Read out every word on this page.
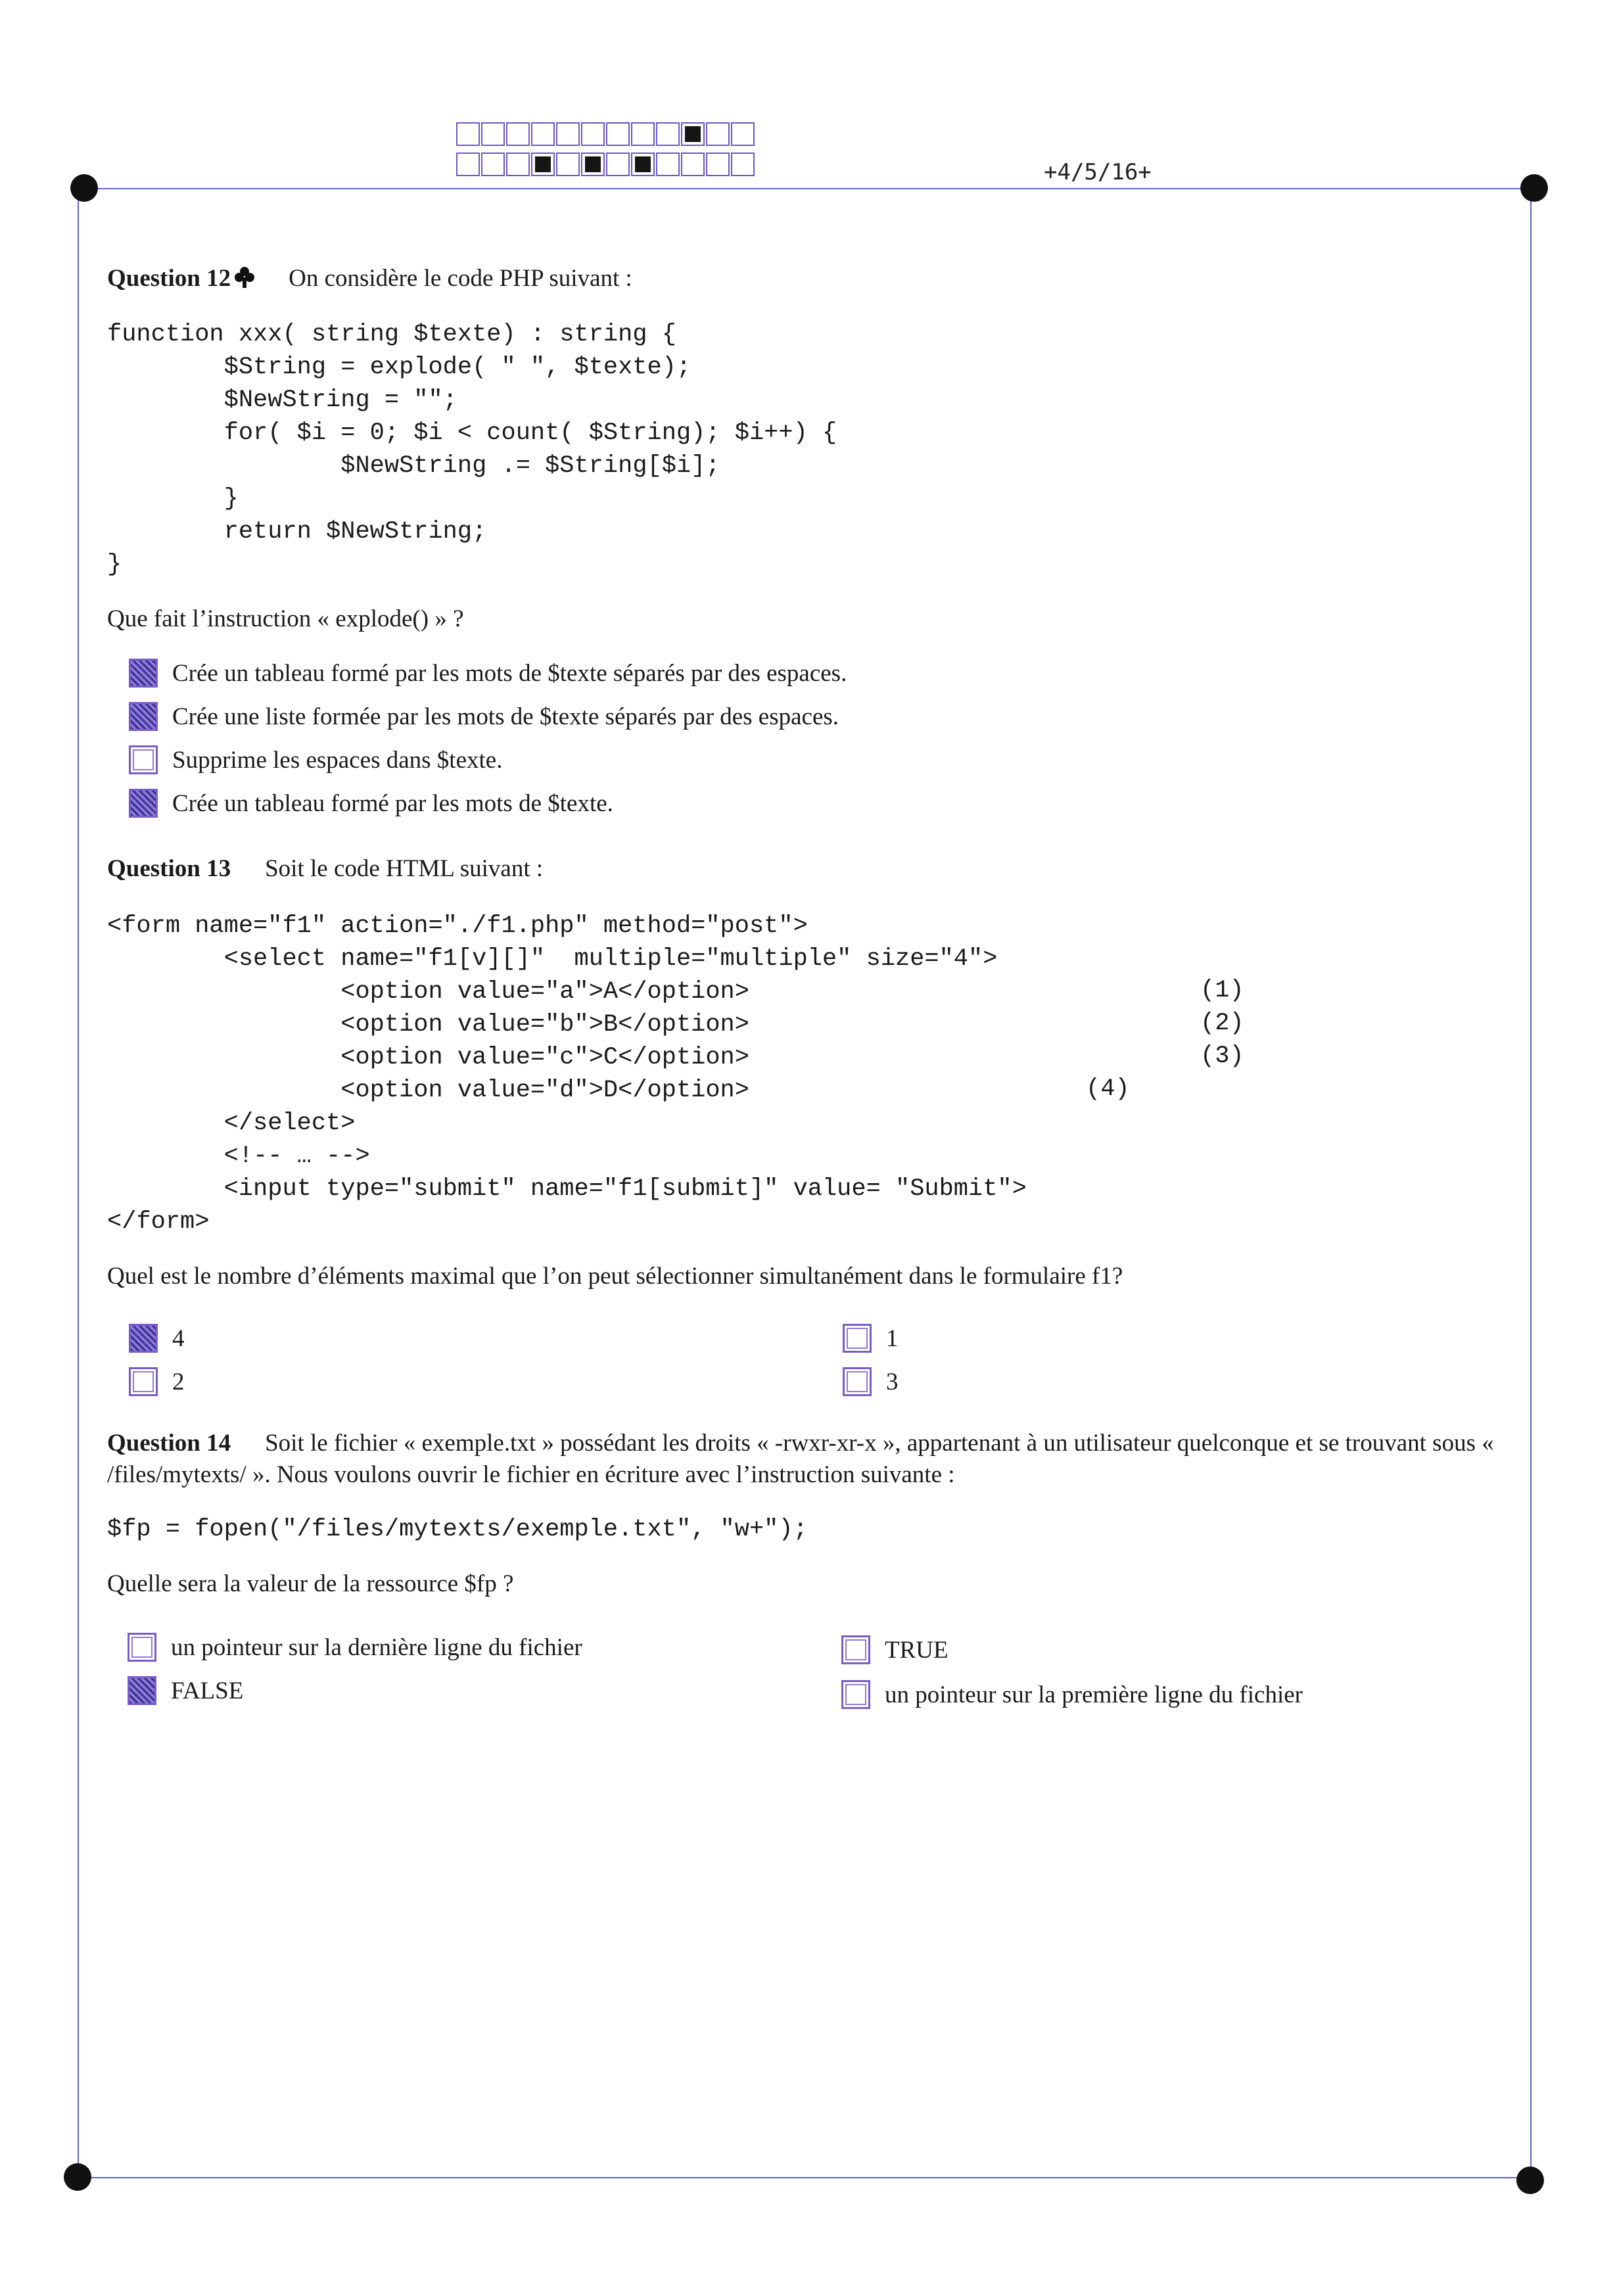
+4/5/16+
Question 12 On considère le code PHP suivant :
function xxx( string $texte) : string {
$String = explode( " ", $texte);
$NewString = "";
for( $i = 0; $i < count( $String); $i++) {
$NewString .= $String[$i];
}
return $NewString;
}
Que fait l’instruction « explode() » ?
Crée un tableau formé par les mots de $texte séparés par des espaces.
Crée une liste formée par les mots de $texte séparés par des espaces.
Supprime les espaces dans $texte.
Crée un tableau formé par les mots de $texte.
Question 13 Soit le code HTML suivant :
<form name="f1" action="./f1.php" method="post">
<select name="f1[v][]"  multiple="multiple" size="4">
<option value="a">A</option>
<option value="b">B</option>
<option value="c">C</option>
<option value="d">D</option>
</select>
<!-- … -->
<input type="submit" name="f1[submit]" value= "Submit">
</form>
(1)
(2)
(3)
(4)
Quel est le nombre d’éléments maximal que l’on peut sélectionner simultanément dans le formulaire f1?
4
2
1
3
Question 14 Soit le fichier « exemple.txt » possédant les droits « -rwxr-xr-x », appartenant à un utilisateur quelconque et se trouvant sous « /files/mytexts/ ». Nous voulons ouvrir le fichier en écriture avec l’instruction suivante :
$fp = fopen("/files/mytexts/exemple.txt", "w+");
Quelle sera la valeur de la ressource $fp ?
un pointeur sur la dernière ligne du fichier
FALSE
TRUE
un pointeur sur la première ligne du fichier
